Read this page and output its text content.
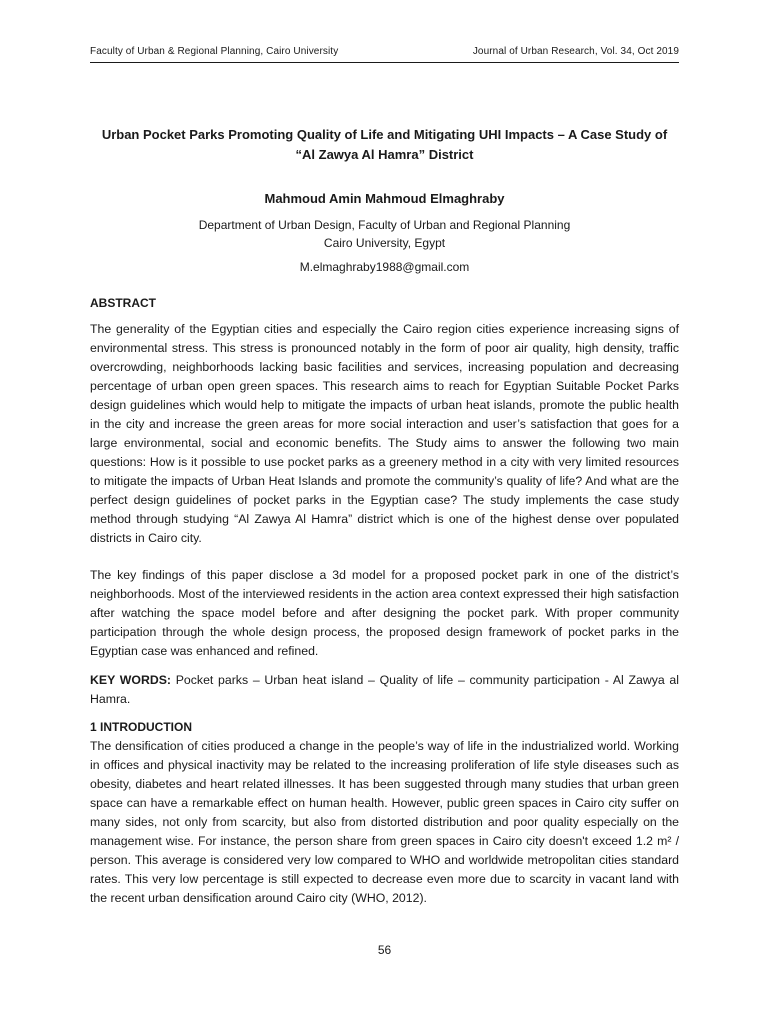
Faculty of Urban & Regional Planning, Cairo University	Journal of Urban Research, Vol. 34, Oct 2019
Urban Pocket Parks Promoting Quality of Life and Mitigating UHI Impacts – A Case Study of
“Al Zawya Al Hamra” District
Mahmoud Amin Mahmoud Elmaghraby
Department of Urban Design, Faculty of Urban and Regional Planning
Cairo University, Egypt
M.elmaghraby1988@gmail.com
ABSTRACT
The generality of the Egyptian cities and especially the Cairo region cities experience increasing signs of environmental stress. This stress is pronounced notably in the form of poor air quality, high density, traffic overcrowding, neighborhoods lacking basic facilities and services, increasing population and decreasing percentage of urban open green spaces. This research aims to reach for Egyptian Suitable Pocket Parks design guidelines which would help to mitigate the impacts of urban heat islands, promote the public health in the city and increase the green areas for more social interaction and user’s satisfaction that goes for a large environmental, social and economic benefits. The Study aims to answer the following two main questions: How is it possible to use pocket parks as a greenery method in a city with very limited resources to mitigate the impacts of Urban Heat Islands and promote the community’s quality of life? And what are the perfect design guidelines of pocket parks in the Egyptian case? The study implements the case study method through studying “Al Zawya Al Hamra” district which is one of the highest dense over populated districts in Cairo city.
The key findings of this paper disclose a 3d model for a proposed pocket park in one of the district’s neighborhoods. Most of the interviewed residents in the action area context expressed their high satisfaction after watching the space model before and after designing the pocket park. With proper community participation through the whole design process, the proposed design framework of pocket parks in the Egyptian case was enhanced and refined.
KEY WORDS: Pocket parks – Urban heat island – Quality of life – community participation - Al Zawya al Hamra.
1 INTRODUCTION
The densification of cities produced a change in the people’s way of life in the industrialized world. Working in offices and physical inactivity may be related to the increasing proliferation of life style diseases such as obesity, diabetes and heart related illnesses. It has been suggested through many studies that urban green space can have a remarkable effect on human health. However, public green spaces in Cairo city suffer on many sides, not only from scarcity, but also from distorted distribution and poor quality especially on the management wise. For instance, the person share from green spaces in Cairo city doesn't exceed 1.2 m² / person. This average is considered very low compared to WHO and worldwide metropolitan cities standard rates. This very low percentage is still expected to decrease even more due to scarcity in vacant land with the recent urban densification around Cairo city (WHO, 2012).
56
